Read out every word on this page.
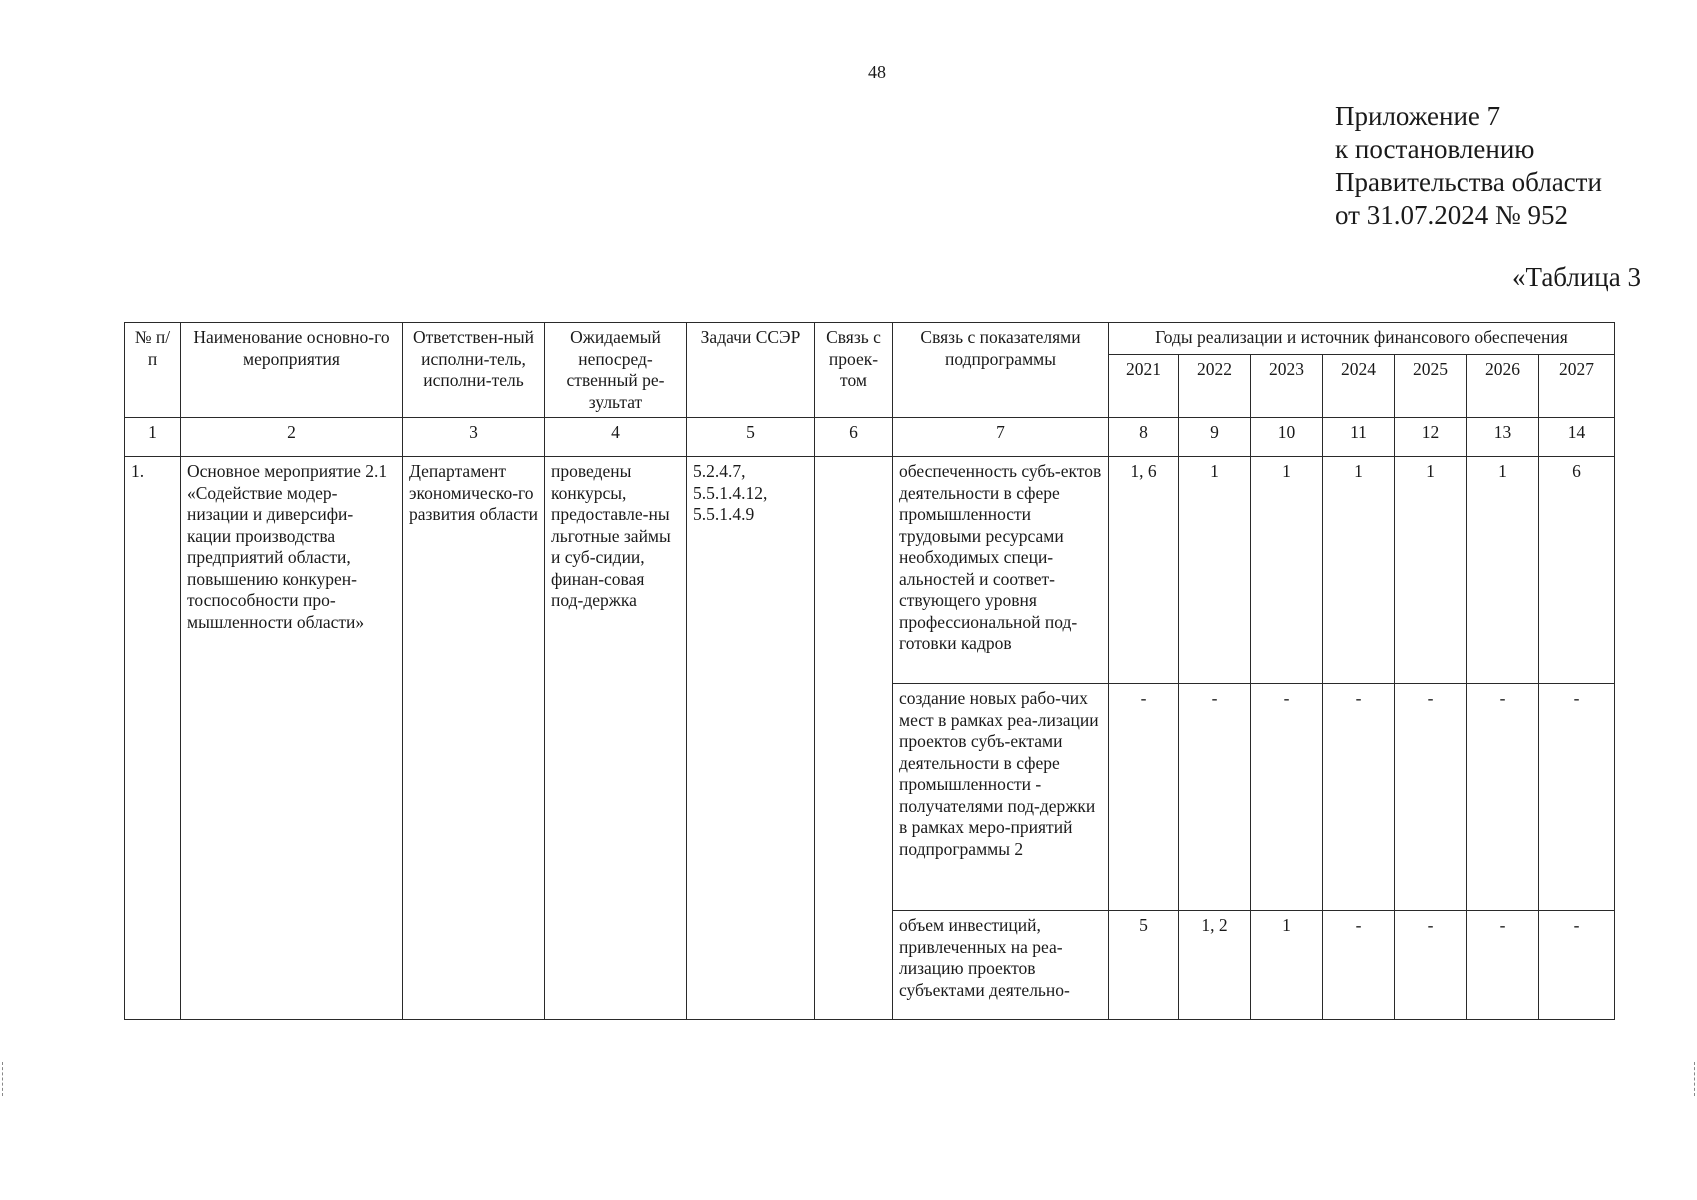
48
Приложение 7
к постановлению
Правительства области
от 31.07.2024 № 952
«Таблица 3
№ п/п	Наименование основно-го мероприятия	Ответствен-ный исполни-тель, исполни-тель	Ожидаемый непосред-ственный ре-зультат	Задачи ССЭР	Связь с проек-том	Связь с показателями подпрограммы	Годы реализации и источник финансового обеспечения						
							2021	2022	2023	2024	2025	2026	2027
1	2	3	4	5	6	7	8	9	10	11	12	13	14
1.	Основное мероприятие 2.1 «Содействие модер-низации и диверсифи-кации производства предприятий области, повышению конкурен-тоспособности про-мышленности области»	Департамент экономическо-го развития области	проведены конкурсы, предоставле-ны льготные займы и суб-сидии, финан-совая под-держка	5.2.4.7, 5.5.1.4.12, 5.5.1.4.9		обеспеченность субъ-ектов деятельности в сфере промышленности трудовыми ресурсами необходимых специ-альностей и соответ-ствующего уровня профессиональной под-готовки кадров	1, 6	1	1	1	1	1	6
						создание новых рабо-чих мест в рамках реа-лизации проектов субъ-ектами деятельности в сфере промышленности - получателями под-держки в рамках меро-приятий подпрограммы 2	-	-	-	-	-	-	-
						объем инвестиций, привлеченных на реа-лизацию проектов субъектами деятельно-	5	1, 2	1	-	-	-	-
